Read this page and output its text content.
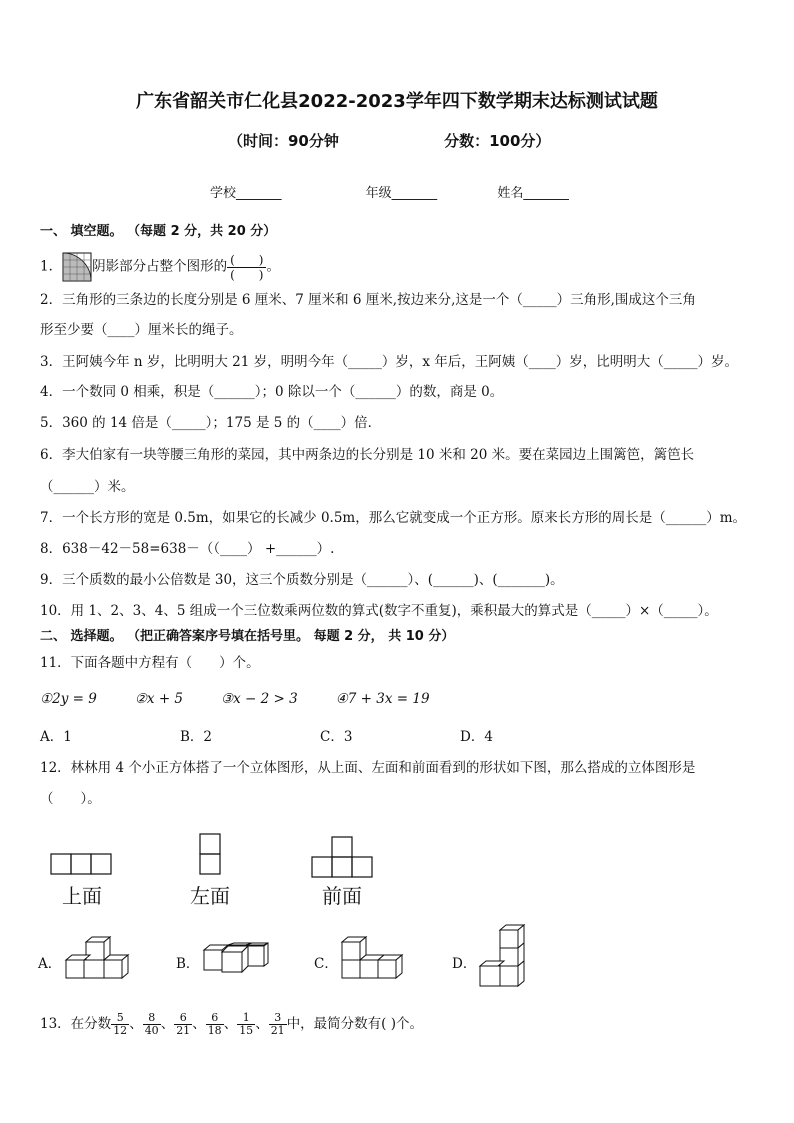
广东省韶关市仁化县2022-2023学年四下数学期末达标测试试题
（时间：90分钟	分数：100分）
学校_______	年级_______	姓名_______
一、 填空题。 （每题 2 分，共 20 分）
1． 阴影部分占整个图形的 $\frac{( )}{( )}$ 。
2．三角形的三条边的长度分别是 6 厘米、7 厘米和 6 厘米,按边来分,这是一个（_____）三角形,围成这个三角
形至少要（____）厘米长的绳子。
3．王阿姨今年 n 岁，比明明大 21 岁，明明今年（_____）岁，x 年后，王阿姨（____）岁，比明明大（_____）岁。
4．一个数同 0 相乘，积是（______）；0 除以一个（______）的数，商是 0。
5．360 的 14 倍是（_____）；175 是 5 的（____）倍．
6．李大伯家有一块等腰三角形的菜园，其中两条边的长分别是 10 米和 20 米。要在菜园边上围篱笆，篱笆长
（______）米。
7．一个长方形的宽是 0.5m，如果它的长减少 0.5m，那么它就变成一个正方形。原来长方形的周长是（______）m。
8．638－42－58=638－（（____） +______）.
9．三个质数的最小公倍数是 30，这三个质数分别是（______）、(______)、(_______)。
10．用 1、2、3、4、5 组成一个三位数乘两位数的算式(数字不重复)，乘积最大的算式是（_____）×（_____）。
二、 选择题。 （把正确答案序号填在括号里。 每题 2 分， 共 10 分）
11．下面各题中方程有（　　）个。
①2y = 9	②x + 5	③x − 2 > 3	④7 + 3x = 19
A．1	B．2	C．3	D．4
12．林林用 4 个小正方体搭了一个立体图形，从上面、左面和前面看到的形状如下图，那么搭成的立体图形是
（　　）。
上面	左面	前面
A．	B．	C．	D．
13．在分数 $\frac{5}{12}$ 、 $\frac{8}{40}$ 、 $\frac{6}{21}$ 、 $\frac{6}{18}$ 、 $\frac{1}{15}$ 、 $\frac{3}{21}$ 中，最简分数有( )个。
